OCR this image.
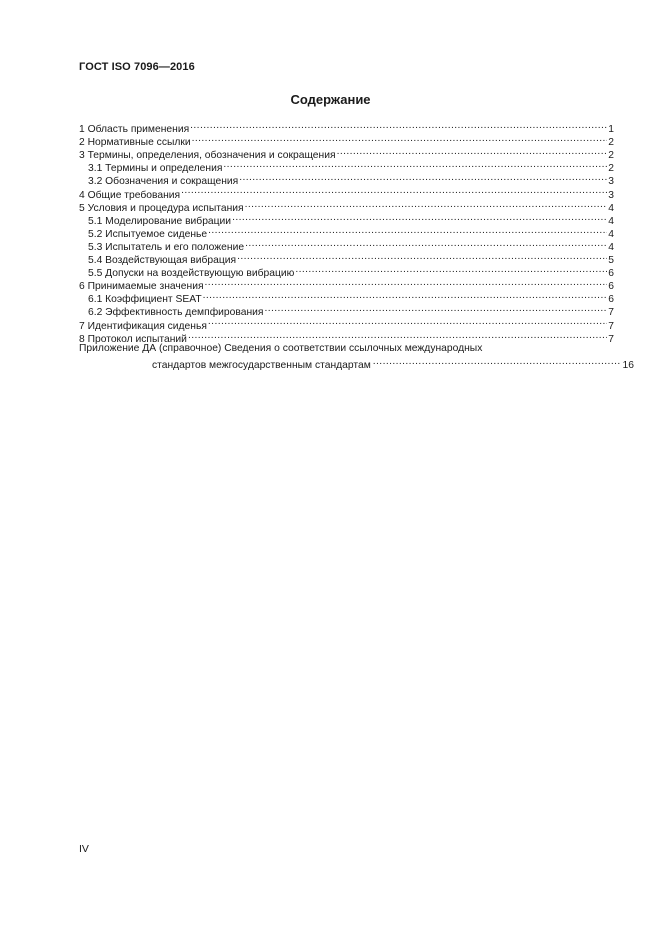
ГОСТ ISO 7096—2016
Содержание
1 Область применения .....	1
2 Нормативные ссылки .....	2
3 Термины, определения, обозначения и сокращения .....	2
3.1 Термины и определения .....	2
3.2 Обозначения и сокращения .....	3
4 Общие требования .....	3
5 Условия и процедура испытания .....	4
5.1 Моделирование вибрации .....	4
5.2 Испытуемое сиденье .....	4
5.3 Испытатель и его положение .....	4
5.4 Воздействующая вибрация .....	5
5.5 Допуски на воздействующую вибрацию .....	6
6 Принимаемые значения .....	6
6.1 Коэффициент SEAT .....	6
6.2 Эффективность демпфирования .....	7
7 Идентификация сиденья .....	7
8 Протокол испытаний .....	7
Приложение ДА (справочное) Сведения о соответствии ссылочных международных
стандартов межгосударственным стандартам .....	16
IV
